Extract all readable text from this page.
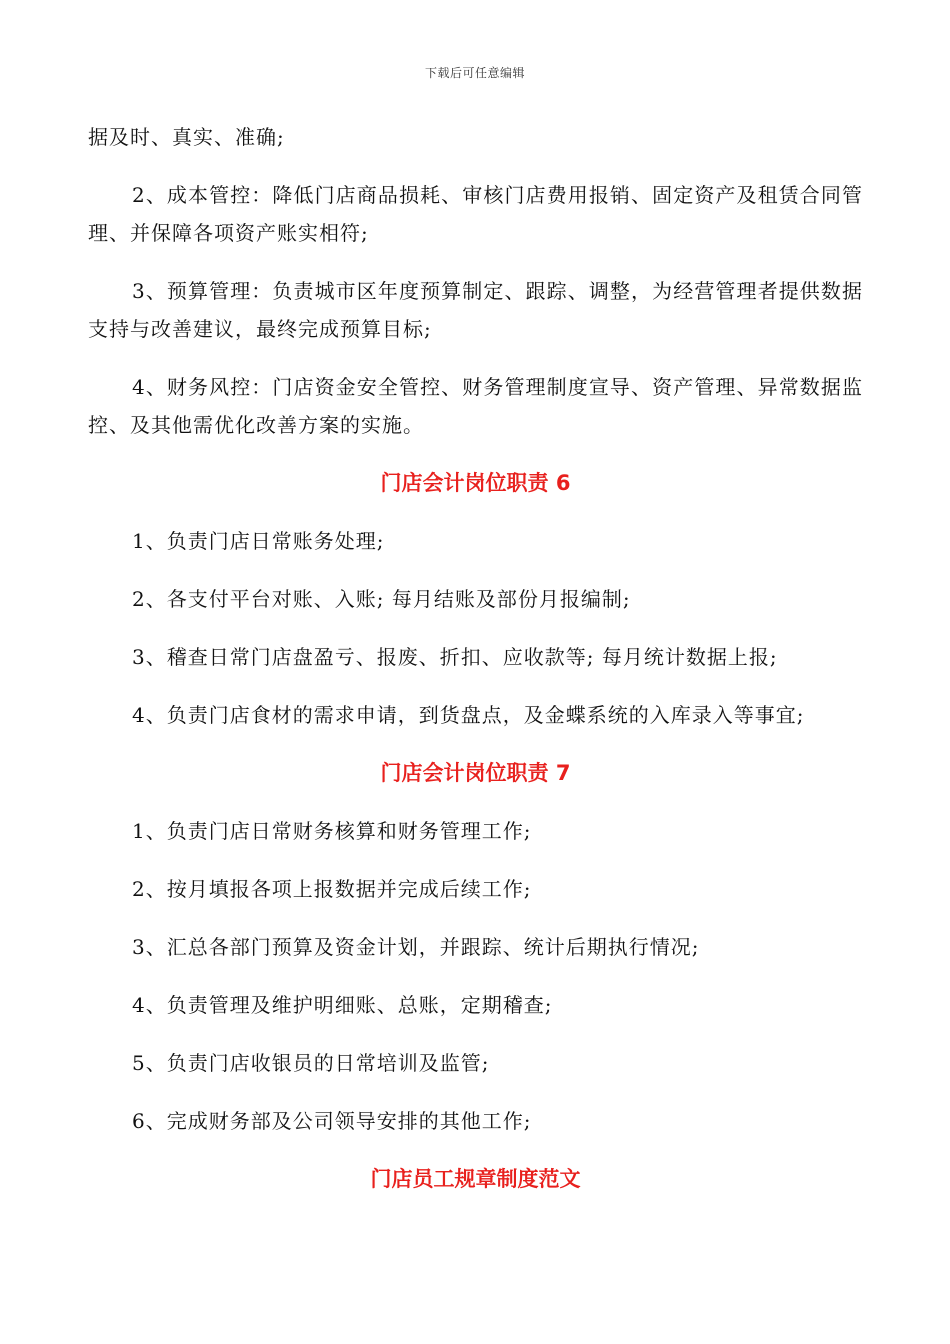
下载后可任意编辑

据及时、真实、准确;

2、成本管控：降低门店商品损耗、审核门店费用报销、固定资产及租赁合同管理、并保障各项资产账实相符;

3、预算管理：负责城市区年度预算制定、跟踪、调整，为经营管理者提供数据支持与改善建议，最终完成预算目标;

4、财务风控：门店资金安全管控、财务管理制度宣导、资产管理、异常数据监控、及其他需优化改善方案的实施。

门店会计岗位职责 6

1、负责门店日常账务处理;

2、各支付平台对账、入账; 每月结账及部份月报编制;

3、稽查日常门店盘盈亏、报废、折扣、应收款等; 每月统计数据上报;

4、负责门店食材的需求申请，到货盘点，及金蝶系统的入库录入等事宜;

门店会计岗位职责 7

1、负责门店日常财务核算和财务管理工作;

2、按月填报各项上报数据并完成后续工作;

3、汇总各部门预算及资金计划，并跟踪、统计后期执行情况;

4、负责管理及维护明细账、总账，定期稽查;

5、负责门店收银员的日常培训及监管;

6、完成财务部及公司领导安排的其他工作;

门店员工规章制度范文
